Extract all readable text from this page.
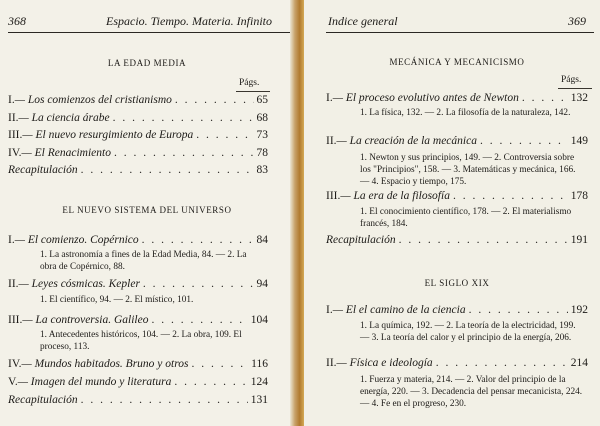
368	Espacio. Tiempo. Materia. Infinito
LA EDAD MEDIA
Págs.
I.— Los comienzos del cristianismo . . .	65
II.— La ciencia árabe . . .	68
III.— El nuevo resurgimiento de Europa . . .	73
IV.— El Renacimiento . . .	78
Recapitulación . . .	83
EL NUEVO SISTEMA DEL UNIVERSO
I.— El comienzo. Copérnico . . .	84
1. La astronomía a fines de la Edad Media, 84. — 2. La obra de Copérnico, 88.
II.— Leyes cósmicas. Kepler . . .	94
1. El científico, 94. — 2. El místico, 101.
III.— La controversia. Galileo . . .	104
1. Antecedentes históricos, 104. — 2. La obra, 109. El proceso, 113.
IV.— Mundos habitados. Bruno y otros . . .	116
V.— Imagen del mundo y literatura . . .	124
Recapitulación . . .	131
Indice general	369
MECÁNICA Y MECANICISMO
Págs.
I.— El proceso evolutivo antes de Newton . . .	132
1. La física, 132. — 2. La filosofía de la naturaleza, 142.
II.— La creación de la mecánica . . .	149
1. Newton y sus principios, 149. — 2. Controversia sobre los "Principios", 158. — 3. Matemáticas y mecánica, 166. — 4. Espacio y tiempo, 175.
III.— La era de la filosofía . . .	178
1. El conocimiento científico, 178. — 2. El materialismo francés, 184.
Recapitulación . . .	191
EL SIGLO XIX
I.— El el camino de la ciencia . . .	192
1. La química, 192. — 2. La teoría de la electricidad, 199. — 3. La teoría del calor y el principio de la energía, 206.
II.— Física e ideología . . .	214
1. Fuerza y materia, 214. — 2. Valor del principio de la energía, 220. — 3. Decadencia del pensar mecanicista, 224. — 4. Fe en el progreso, 230.
